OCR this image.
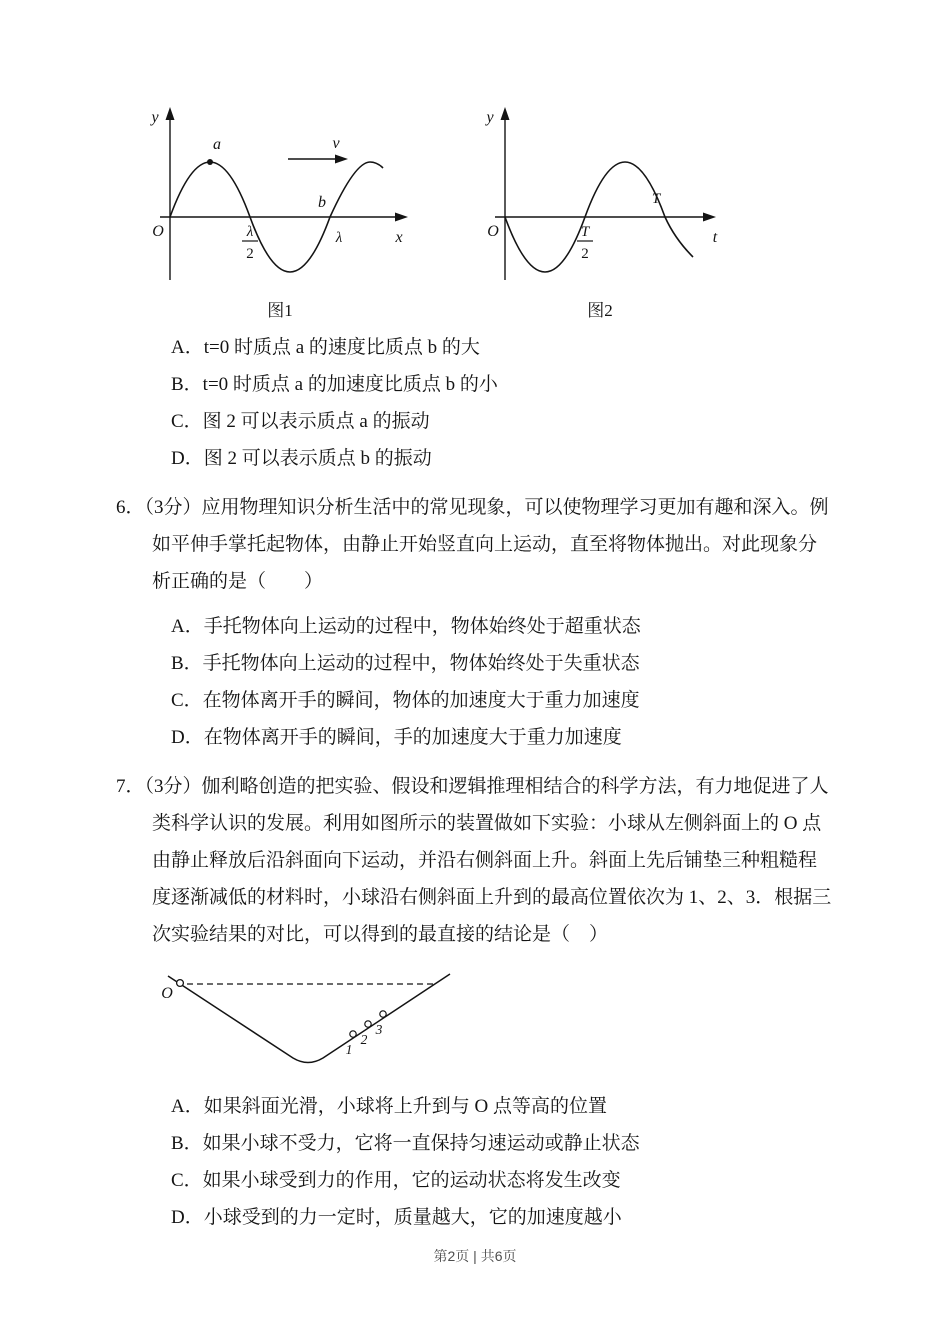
v
y
x
O
a
b
λ
2
λ
图1
y
t
O	T
2
T
图2

A．t=0 时质点 a 的速度比质点 b 的大

B．t=0 时质点 a 的加速度比质点 b 的小

C．图 2 可以表示质点 a 的振动

D．图 2 可以表示质点 b 的振动

6．（3分）应用物理知识分析生活中的常见现象，可以使物理学习更加有趣和深入。例如平伸手掌托起物体，由静止开始竖直向上运动，直至将物体抛出。对此现象分析正确的是（　　）

A．手托物体向上运动的过程中，物体始终处于超重状态

B．手托物体向上运动的过程中，物体始终处于失重状态

C．在物体离开手的瞬间，物体的加速度大于重力加速度

D．在物体离开手的瞬间，手的加速度大于重力加速度

7．（3分）伽利略创造的把实验、假设和逻辑推理相结合的科学方法，有力地促进了人类科学认识的发展。利用如图所示的装置做如下实验：小球从左侧斜面上的 O 点由静止释放后沿斜面向下运动，并沿右侧斜面上升。斜面上先后铺垫三种粗糙程度逐渐减低的材料时，小球沿右侧斜面上升到的最高位置依次为 1、2、3．根据三次实验结果的对比，可以得到的最直接的结论是（　）

O
1
2
3

A．如果斜面光滑，小球将上升到与 O 点等高的位置

B．如果小球不受力，它将一直保持匀速运动或静止状态

C．如果小球受到力的作用，它的运动状态将发生改变

D．小球受到的力一定时，质量越大，它的加速度越小

第2页 | 共6页
